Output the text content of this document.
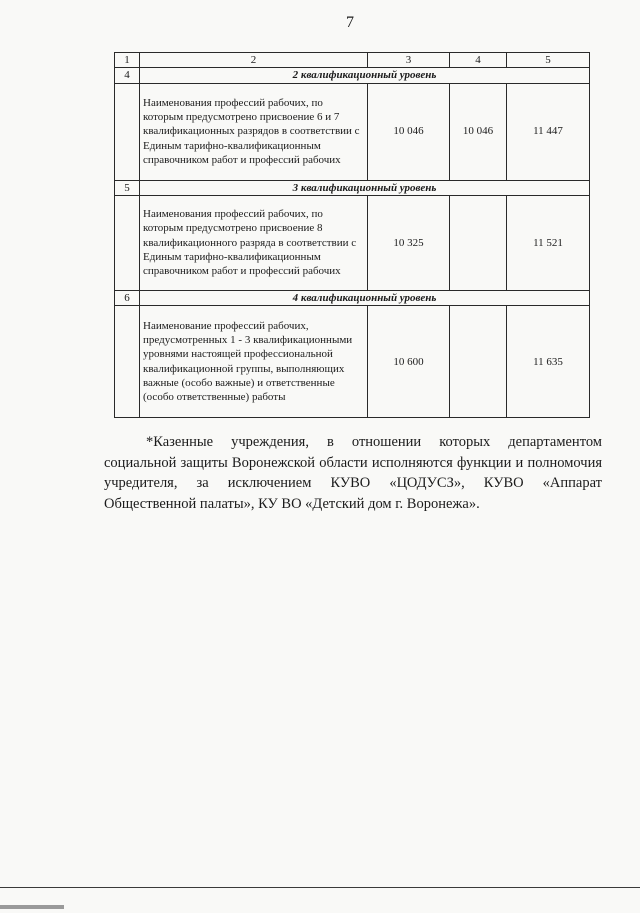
7
1	2	3	4	5
4	2 квалификационный уровень			
	Наименования профессий рабочих, по которым предусмотрено присвоение 6 и 7 квалификационных разрядов в соответствии с Единым тарифно-квалификационным справочником работ и профессий рабочих	10 046	10 046	11 447
5	3 квалификационный уровень			
	Наименования профессий рабочих, по которым предусмотрено присвоение 8 квалификационного разряда в соответствии с Единым тарифно-квалификационным справочником работ и профессий рабочих	10 325		11 521
6	4 квалификационный уровень			
	Наименование профессий рабочих, предусмотренных 1 - 3 квалификационными уровнями настоящей профессиональной квалификационной группы, выполняющих важные (особо важные) и ответственные (особо ответственные) работы	10 600		11 635

*Казенные учреждения, в отношении которых департаментом социальной защиты Воронежской области исполняются функции и полномочия учредителя, за исключением КУВО «ЦОДУСЗ», КУВО «Аппарат Общественной палаты», КУ ВО «Детский дом г. Воронежа».
